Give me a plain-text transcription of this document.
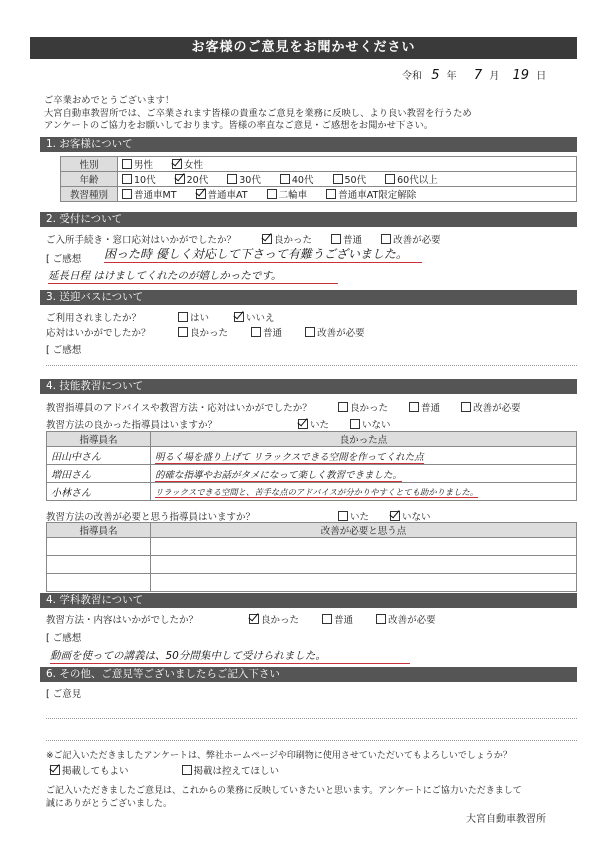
お客様のご意見をお聞かせください
令和 5 年 7 月 19 日
ご卒業おめでとうございます！
大宮自動車教習所では、ご卒業されます皆様の貴重なご意見を業務に反映し、より良い教習を行うため
アンケートのご協力をお願いしております。皆様の率直なご意見・ご感想をお聞かせ下さい。
1. お客様について
性別	男性 女性
年齢	10代 20代 30代 40代 50代 60代以上
教習種別	普通車MT 普通車AT 二輪車 普通車AT限定解除
2. 受付について
ご入所手続き・窓口応対はいかがでしたか？	良かった	普通	改善が必要
[ ご感想 困った時 優しく対応して下さって有難うございました。
延長日程 はけましてくれたのが嬉しかったです。
3. 送迎バスについて
ご利用されましたか？	はい	いいえ
応対はいかがでしたか？	良かった	普通	改善が必要
[ ご感想
4. 技能教習について
教習指導員のアドバイスや教習方法・応対はいかがでしたか？	良かった	普通	改善が必要
教習方法の良かった指導員はいますか？	いた	いない
指導員名	良かった点
田山中さん	明るく場を盛り上げて リラックスできる空間を作ってくれた点
増田さん	的確な指導やお話がタメになって楽しく教習できました。
小林さん	リラックスできる空間と、苦手な点のアドバイスが分かりやすくとても助かりました。
教習方法の改善が必要と思う指導員はいますか？	いた	いない
指導員名	改善が必要と思う点

4. 学科教習について
教習方法・内容はいかがでしたか？	良かった	普通	改善が必要
[ ご感想
動画を使っての講義は、50分間集中して受けられました。
6. その他、ご意見等ございましたらご記入下さい
[ ご意見
※ご記入いただきましたアンケートは、弊社ホームページや印刷物に使用させていただいてもよろしいでしょうか？
掲載してもよい	掲載は控えてほしい
ご記入いただきましたご意見は、これからの業務に反映していきたいと思います。アンケートにご協力いただきまして
誠にありがとうございました。
大宮自動車教習所
